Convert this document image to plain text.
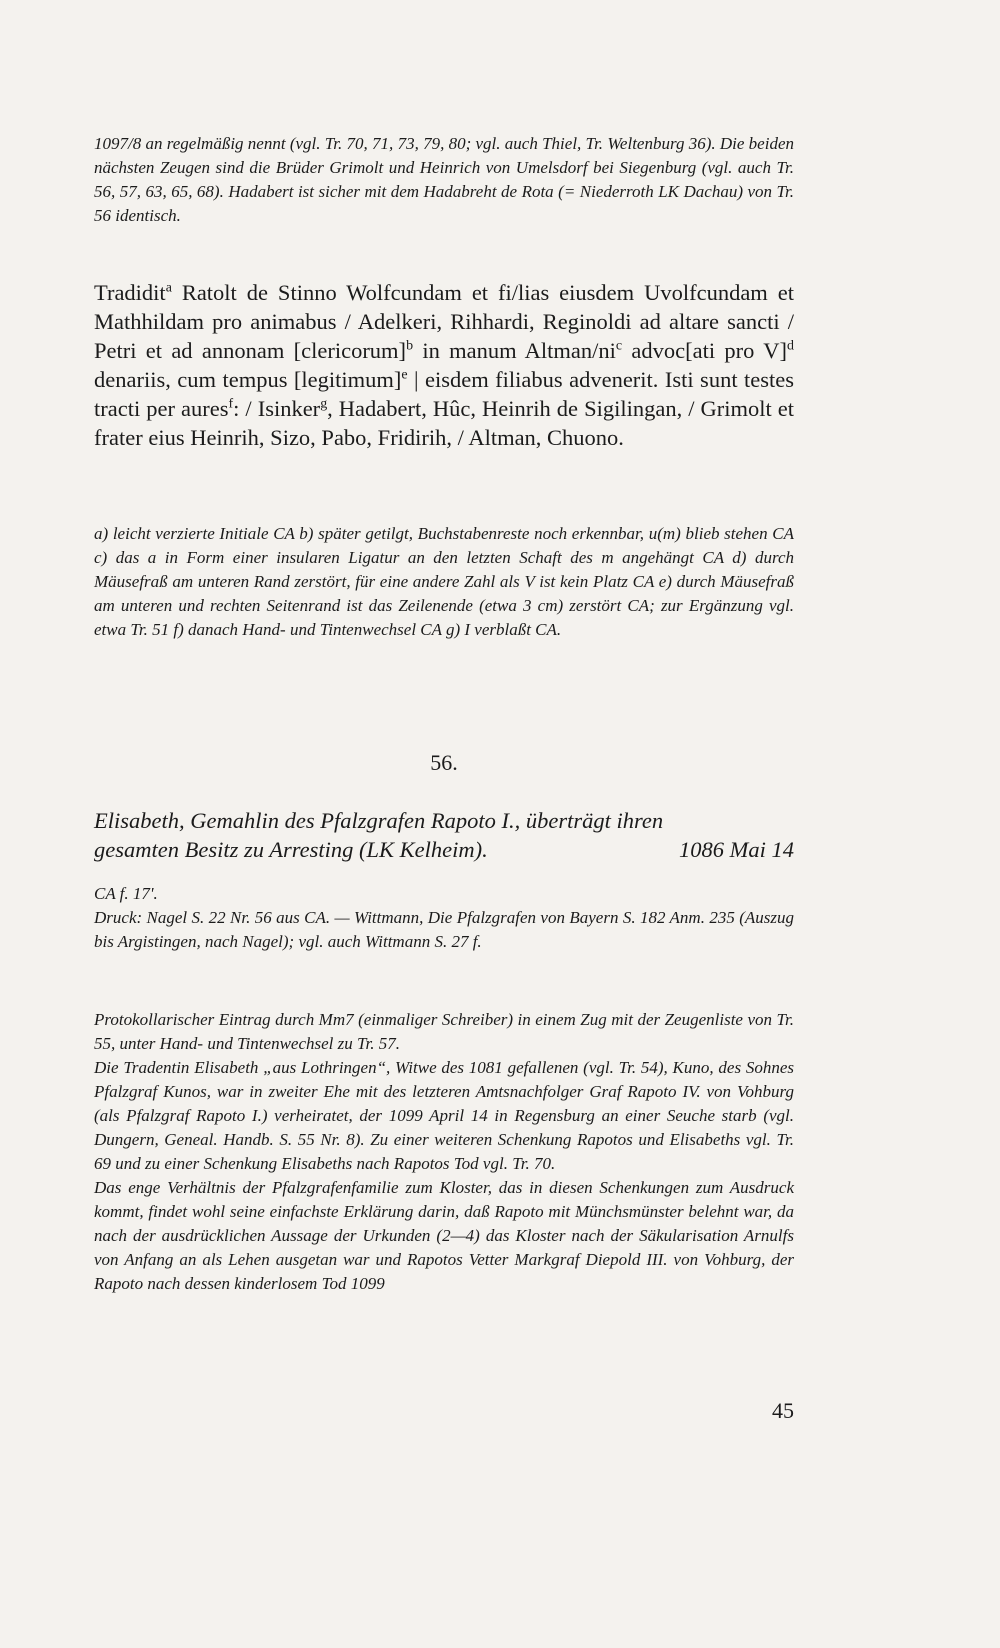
1097/8 an regelmäßig nennt (vgl. Tr. 70, 71, 73, 79, 80; vgl. auch Thiel, Tr. Weltenburg 36). Die beiden nächsten Zeugen sind die Brüder Grimolt und Heinrich von Umelsdorf bei Siegenburg (vgl. auch Tr. 56, 57, 63, 65, 68). Hadabert ist sicher mit dem Hadabreht de Rota (= Niederroth LK Dachau) von Tr. 56 identisch.

Tradidit$^a$ Ratolt de Stinno Wolfcundam et fi/lias eiusdem Uvolfcundam et Mathhildam pro animabus / Adelkeri, Rihhardi, Reginoldi ad altare sancti / Petri et ad annonam [clericorum]$^b$ in manum Altman/$ni^c$ advoc[ati pro V]$^d$ denariis, cum tempus [legitimum]$^e$ | eisdem filiabus advenerit. Isti sunt testes tracti per aures$^f$: / Isinker$^g$, Hadabert, Hûc, Heinrih de Sigilingan, / Grimolt et frater eius Heinrih, Sizo, Pabo, Fridirih, / Altman, Chuono.

a) leicht verzierte Initiale CA b) später getilgt, Buchstabenreste noch erkennbar, u(m) blieb stehen CA c) das a in Form einer insularen Ligatur an den letzten Schaft des m angehängt CA d) durch Mäusefraß am unteren Rand zerstört, für eine andere Zahl als V ist kein Platz CA e) durch Mäusefraß am unteren und rechten Seitenrand ist das Zeilenende (etwa 3 cm) zerstört CA; zur Ergänzung vgl. etwa Tr. 51 f) danach Hand- und Tintenwechsel CA g) I verblaßt CA.

56.
Elisabeth, Gemahlin des Pfalzgrafen Rapoto I., überträgt ihren
gesamten Besitz zu Arresting (LK Kelheim).	1086 Mai 14
CA f. 17'.
Druck: Nagel S. 22 Nr. 56 aus CA. — Wittmann, Die Pfalzgrafen von Bayern S. 182 Anm. 235 (Auszug bis Argistingen, nach Nagel); vgl. auch Wittmann S. 27 f.

Protokollarischer Eintrag durch Mm7 (einmaliger Schreiber) in einem Zug mit der Zeugenliste von Tr. 55, unter Hand- und Tintenwechsel zu Tr. 57.

Die Tradentin Elisabeth „aus Lothringen“, Witwe des 1081 gefallenen (vgl. Tr. 54), Kuno, des Sohnes Pfalzgraf Kunos, war in zweiter Ehe mit des letzteren Amtsnachfolger Graf Rapoto IV. von Vohburg (als Pfalzgraf Rapoto I.) verheiratet, der 1099 April 14 in Regensburg an einer Seuche starb (vgl. Dungern, Geneal. Handb. S. 55 Nr. 8). Zu einer weiteren Schenkung Rapotos und Elisabeths vgl. Tr. 69 und zu einer Schenkung Elisabeths nach Rapotos Tod vgl. Tr. 70.

Das enge Verhältnis der Pfalzgrafenfamilie zum Kloster, das in diesen Schenkungen zum Ausdruck kommt, findet wohl seine einfachste Erklärung darin, daß Rapoto mit Münchsmünster belehnt war, da nach der ausdrücklichen Aussage der Urkunden (2—4) das Kloster nach der Säkularisation Arnulfs von Anfang an als Lehen ausgetan war und Rapotos Vetter Markgraf Diepold III. von Vohburg, der Rapoto nach dessen kinderlosem Tod 1099

45
